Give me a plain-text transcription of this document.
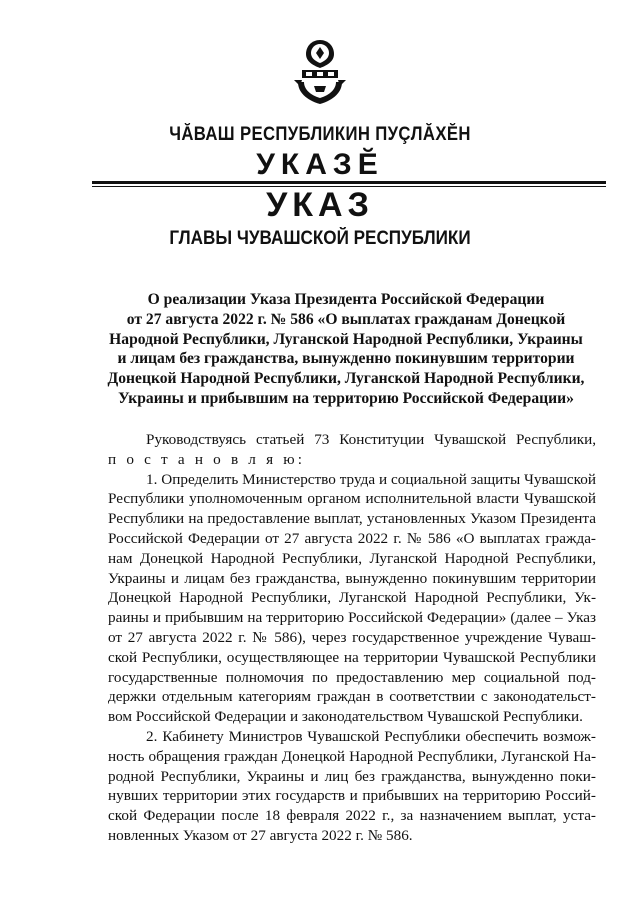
ЧĂВАШ РЕСПУБЛИКИН ПУÇЛĂХĔН
УКАЗĔ
УКАЗ
ГЛАВЫ ЧУВАШСКОЙ РЕСПУБЛИКИ
О реализации Указа Президента Российской Федерации
от 27 августа 2022 г. № 586 «О выплатах гражданам Донецкой
Народной Республики, Луганской Народной Республики, Украины
и лицам без гражданства, вынужденно покинувшим территории
Донецкой Народной Республики, Луганской Народной Республики,
Украины и прибывшим на территорию Российской Федерации»
Руководствуясь статьей 73 Конституции Чувашской Республики,
п о с т а н о в л я ю:
1. Определить Министерство труда и социальной защиты Чувашской
Республики уполномоченным органом исполнительной власти Чувашской
Республики на предоставление выплат, установленных Указом Президента
Российской Федерации от 27 августа 2022 г. № 586 «О выплатах гражда-
нам Донецкой Народной Республики, Луганской Народной Республики,
Украины и лицам без гражданства, вынужденно покинувшим территории
Донецкой Народной Республики, Луганской Народной Республики, Ук-
раины и прибывшим на территорию Российской Федерации» (далее – Указ
от 27 августа 2022 г. № 586), через государственное учреждение Чуваш-
ской Республики, осуществляющее на территории Чувашской Республики
государственные полномочия по предоставлению мер социальной под-
держки отдельным категориям граждан в соответствии с законодательст-
вом Российской Федерации и законодательством Чувашской Республики.
2. Кабинету Министров Чувашской Республики обеспечить возмож-
ность обращения граждан Донецкой Народной Республики, Луганской На-
родной Республики, Украины и лиц без гражданства, вынужденно поки-
нувших территории этих государств и прибывших на территорию Россий-
ской Федерации после 18 февраля 2022 г., за назначением выплат, уста-
новленных Указом от 27 августа 2022 г. № 586.
